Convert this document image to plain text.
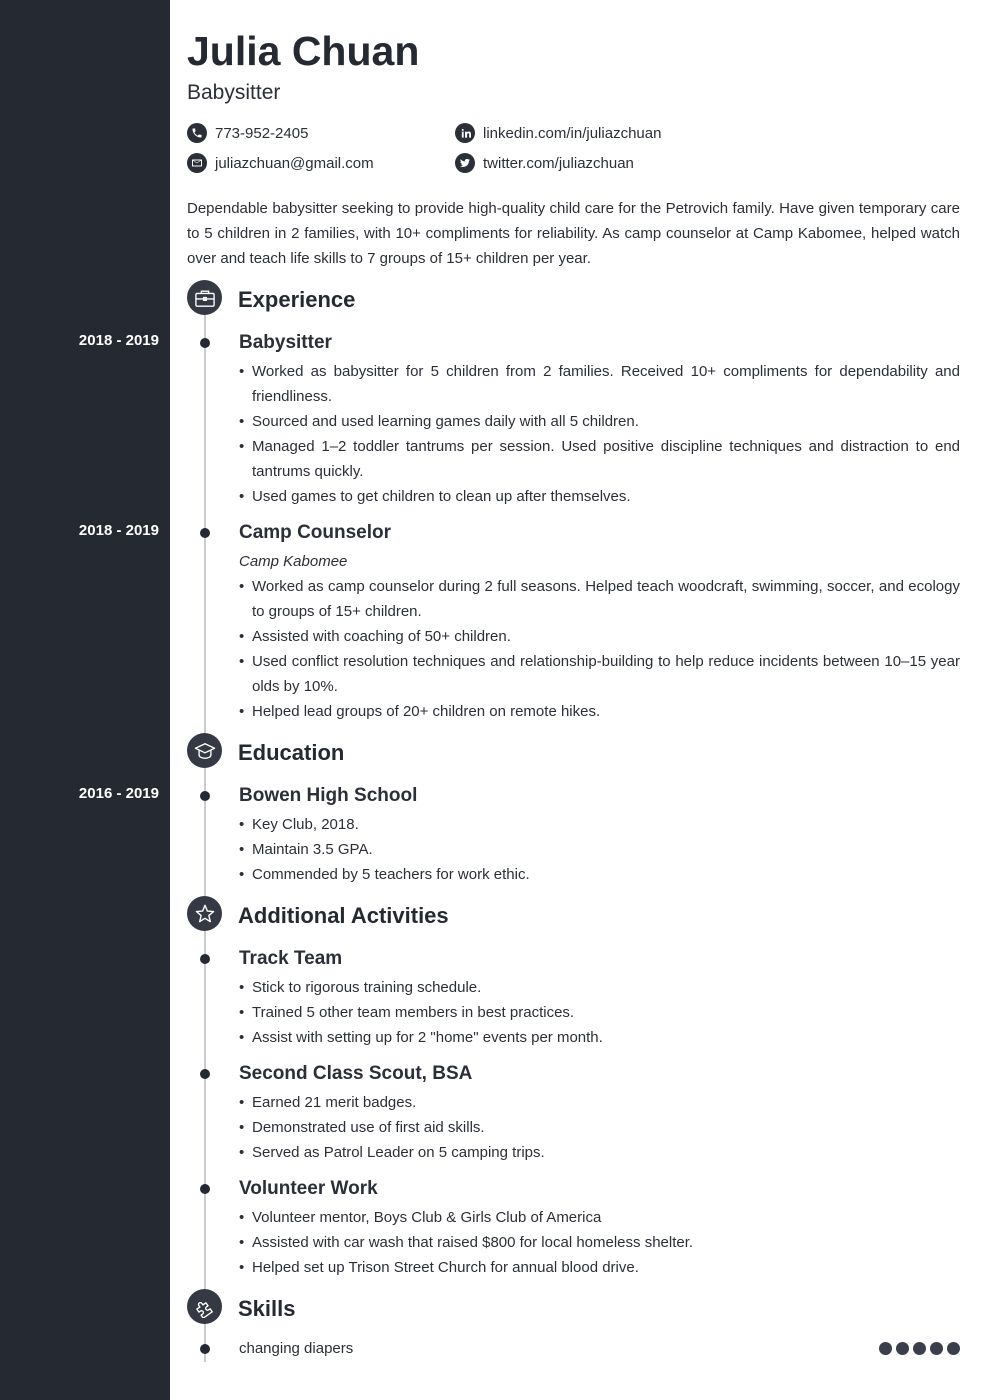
Julia Chuan
Babysitter
773-952-2405
juliazchuan@gmail.com
linkedin.com/in/juliazchuan
twitter.com/juliazchuan
Dependable babysitter seeking to provide high-quality child care for the Petrovich family. Have given temporary care to 5 children in 2 families, with 10+ compliments for reliability. As camp counselor at Camp Kabomee, helped watch over and teach life skills to 7 groups of 15+ children per year.
Experience
2018 - 2019	Babysitter
• Worked as babysitter for 5 children from 2 families. Received 10+ compliments for dependability and friendliness.
• Sourced and used learning games daily with all 5 children.
• Managed 1–2 toddler tantrums per session. Used positive discipline techniques and distraction to end tantrums quickly.
• Used games to get children to clean up after themselves.
2018 - 2019	Camp Counselor
Camp Kabomee
• Worked as camp counselor during 2 full seasons. Helped teach woodcraft, swimming, soccer, and ecology to groups of 15+ children.
• Assisted with coaching of 50+ children.
• Used conflict resolution techniques and relationship-building to help reduce incidents between 10–15 year olds by 10%.
• Helped lead groups of 20+ children on remote hikes.
Education
2016 - 2019	Bowen High School
• Key Club, 2018.
• Maintain 3.5 GPA.
• Commended by 5 teachers for work ethic.
Additional Activities
Track Team
• Stick to rigorous training schedule.
• Trained 5 other team members in best practices.
• Assist with setting up for 2 "home" events per month.
Second Class Scout, BSA
• Earned 21 merit badges.
• Demonstrated use of first aid skills.
• Served as Patrol Leader on 5 camping trips.
Volunteer Work
• Volunteer mentor, Boys Club & Girls Club of America
• Assisted with car wash that raised $800 for local homeless shelter.
• Helped set up Trison Street Church for annual blood drive.
Skills
changing diapers
